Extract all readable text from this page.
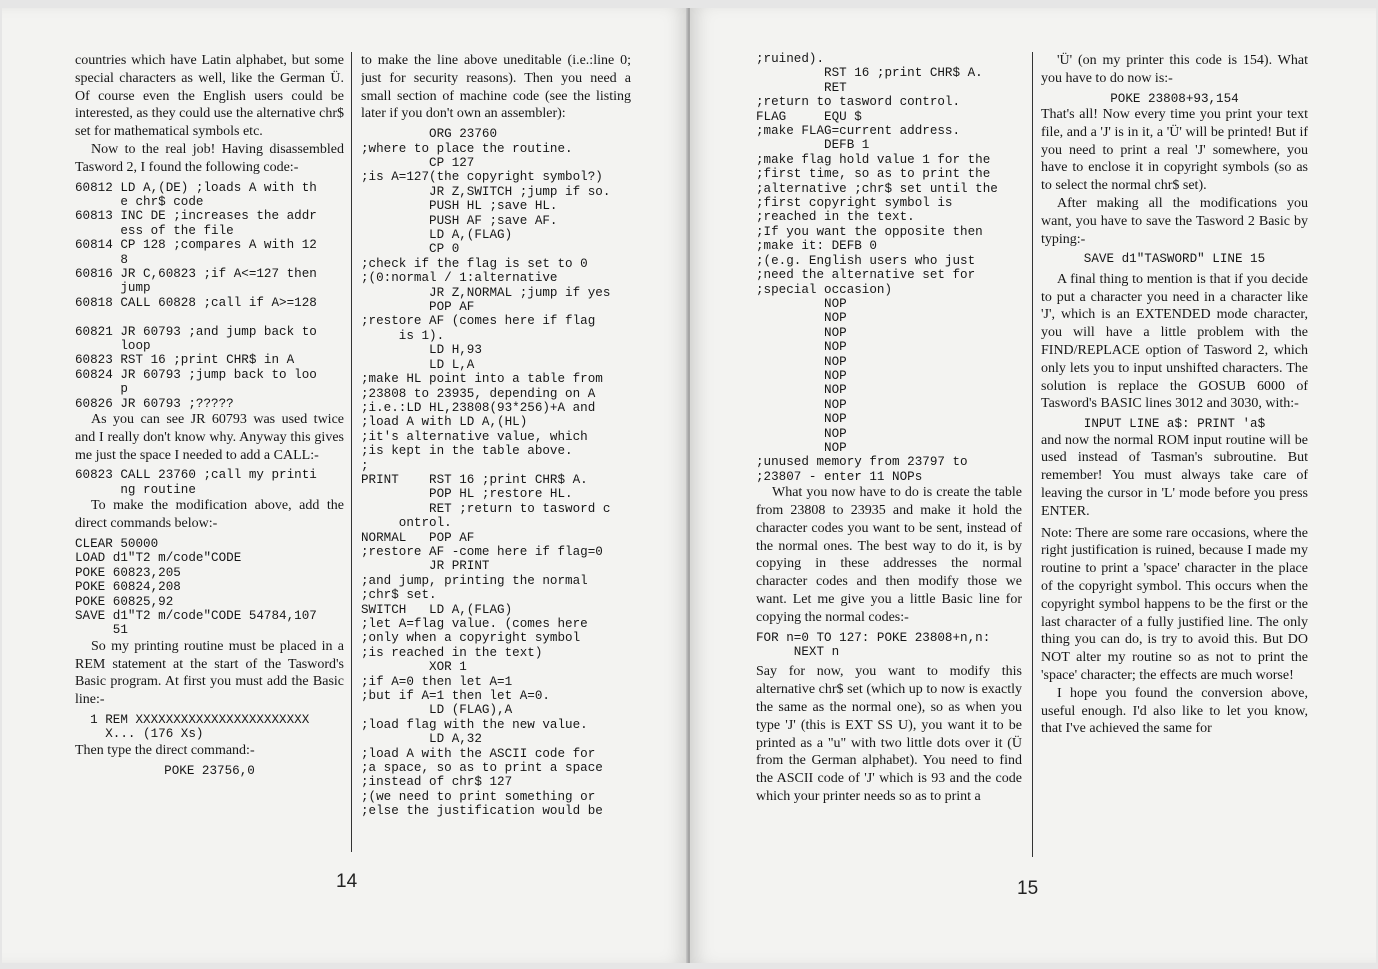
countries which have Latin alphabet, but some special characters as well, like the German Ü. Of course even the English users could be interested, as they could use the alternative chr$ set for mathematical symbols etc.

Now to the real job! Having disassembled Tasword 2, I found the following code:-

60812 LD A,(DE) ;loads A with th
e chr$ code
60813 INC DE ;increases the addr
ess of the file
60814 CP 128 ;compares A with 12
8
60816 JR C,60823 ;if A<=127 then
jump
60818 CALL 60828 ;call if A>=128

60821 JR 60793 ;and jump back to
loop
60823 RST 16 ;print CHR$ in A
60824 JR 60793 ;jump back to loo
p
60826 JR 60793 ;?????

As you can see JR 60793 was used twice and I really don't know why. Anyway this gives me just the space I needed to add a CALL:-

60823 CALL 23760 ;call my printi
ng routine

To make the modification above, add the direct commands below:-

CLEAR 50000
LOAD d1"T2 m/code"CODE
POKE 60823,205
POKE 60824,208
POKE 60825,92
SAVE d1"T2 m/code"CODE 54784,107
51

So my printing routine must be placed in a REM statement at the start of the Tasword's Basic program. At first you must add the Basic line:-

1 REM XXXXXXXXXXXXXXXXXXXXXXX
X... (176 Xs)

Then type the direct command:-

POKE 23756,0

to make the line above uneditable (i.e.:line 0; just for security reasons). Then you need a small section of machine code (see the listing later if you don't own an assembler):

ORG 23760
;where to place the routine.
CP 127
;is A=127(the copyright symbol?)
JR Z,SWITCH ;jump if so.
PUSH HL ;save HL.
PUSH AF ;save AF.
LD A,(FLAG)
CP 0
;check if the flag is set to 0
;(0:normal / 1:alternative
JR Z,NORMAL ;jump if yes
POP AF
;restore AF (comes here if flag
is 1).
LD H,93
LD L,A
;make HL point into a table from
;23808 to 23935, depending on A
;i.e.:LD HL,23808(93*256)+A and
;load A with LD A,(HL)
;it's alternative value, which
;is kept in the table above.
;
PRINT    RST 16 ;print CHR$ A.
POP HL ;restore HL.
RET ;return to tasword c
ontrol.
NORMAL   POP AF
;restore AF -come here if flag=0
JR PRINT
;and jump, printing the normal
;chr$ set.
SWITCH   LD A,(FLAG)
;let A=flag value. (comes here
;only when a copyright symbol
;is reached in the text)
XOR 1
;if A=0 then let A=1
;but if A=1 then let A=0.
LD (FLAG),A
;load flag with the new value.
LD A,32
;load A with the ASCII code for
;a space, so as to print a space
;instead of chr$ 127
;(we need to print something or
;else the justification would be
14
;ruined).
RST 16 ;print CHR$ A.
RET
;return to tasword control.
FLAG     EQU $
;make FLAG=current address.
DEFB 1
;make flag hold value 1 for the
;first time, so as to print the
;alternative ;chr$ set until the
;first copyright symbol is
;reached in the text.
;If you want the opposite then
;make it: DEFB 0
;(e.g. English users who just
;need the alternative set for
;special occasion)
NOP
NOP
NOP
NOP
NOP
NOP
NOP
NOP
NOP
NOP
NOP
;unused memory from 23797 to
;23807 - enter 11 NOPs

What you now have to do is create the table from 23808 to 23935 and make it hold the character codes you want to be sent, instead of the normal ones. The best way to do it, is by copying in these addresses the normal character codes and then modify those we want. Let me give you a little Basic line for copying the normal codes:-

FOR n=0 TO 127: POKE 23808+n,n:
NEXT n

Say for now, you want to modify this alternative chr$ set (which up to now is exactly the same as the normal one), so as when you type 'J' (this is EXT SS U), you want it to be printed as a "u" with two little dots over it (Ü from the German alphabet). You need to find the ASCII code of 'J' which is 93 and the code which your printer needs so as to print a

'Ü' (on my printer this code is 154). What you have to do now is:-

POKE 23808+93,154

That's all! Now every time you print your text file, and a 'J' is in it, a 'Ü' will be printed! But if you need to print a real 'J' somewhere, you have to enclose it in copyright symbols (so as to select the normal chr$ set).

After making all the modifications you want, you have to save the Tasword 2 Basic by typing:-

SAVE d1"TASWORD" LINE 15

A final thing to mention is that if you decide to put a character you need in a character like 'J', which is an EXTENDED mode character, you will have a little problem with the FIND/REPLACE option of Tasword 2, which only lets you to input unshifted characters. The solution is replace the GOSUB 6000 of Tasword's BASIC lines 3012 and 3030, with:-

INPUT LINE a$: PRINT 'a$

and now the normal ROM input routine will be used instead of Tasman's subroutine. But remember! You must always take care of leaving the cursor in 'L' mode before you press ENTER.

Note: There are some rare occasions, where the right justification is ruined, because I made my routine to print a 'space' character in the place of the copyright symbol. This occurs when the copyright symbol happens to be the first or the last character of a fully justified line. The only thing you can do, is try to avoid this. But DO NOT alter my routine so as not to print the 'space' character; the effects are much worse!

I hope you found the conversion above, useful enough. I'd also like to let you know, that I've achieved the same for

15
